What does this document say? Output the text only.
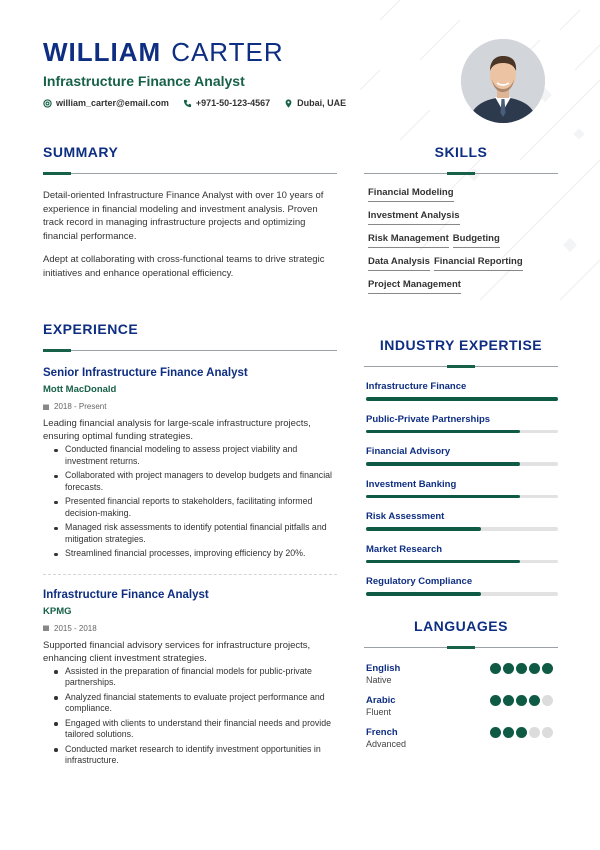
WILLIAM CARTER
Infrastructure Finance Analyst
william_carter@email.com	+971-50-123-4567	Dubai, UAE
SUMMARY

Detail-oriented Infrastructure Finance Analyst with over 10 years of experience in financial modeling and investment analysis. Proven track record in managing infrastructure projects and optimizing financial performance.

Adept at collaborating with cross-functional teams to drive strategic initiatives and enhance operational efficiency.

SKILLS
Financial Modeling
Investment Analysis
Risk Management Budgeting
Data Analysis Financial Reporting
Project Management
EXPERIENCE
Senior Infrastructure Finance Analyst
Mott MacDonald
2018 - Present
Leading financial analysis for large-scale infrastructure projects, ensuring optimal funding strategies.
Conducted financial modeling to assess project viability and investment returns.
Collaborated with project managers to develop budgets and financial forecasts.
Presented financial reports to stakeholders, facilitating informed decision-making.
Managed risk assessments to identify potential financial pitfalls and mitigation strategies.
Streamlined financial processes, improving efficiency by 20%.
Infrastructure Finance Analyst
KPMG
2015 - 2018
Supported financial advisory services for infrastructure projects, enhancing client investment strategies.
Assisted in the preparation of financial models for public-private partnerships.
Analyzed financial statements to evaluate project performance and compliance.
Engaged with clients to understand their financial needs and provide tailored solutions.
Conducted market research to identify investment opportunities in infrastructure.
INDUSTRY EXPERTISE
Infrastructure Finance
Public-Private Partnerships
Financial Advisory
Investment Banking
Risk Assessment
Market Research
Regulatory Compliance
LANGUAGES
English
Native
Arabic
Fluent
French
Advanced
